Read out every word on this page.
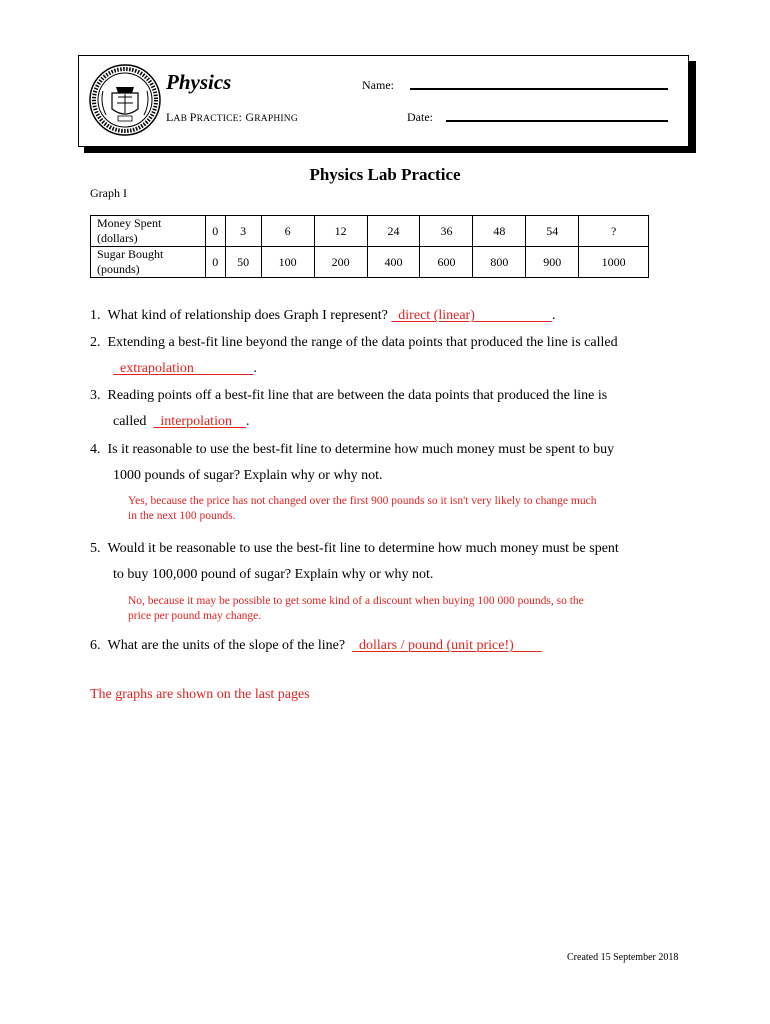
Physics
LAB PRACTICE: GRAPHING
Name:
Date:
Physics Lab Practice
Graph I
Money Spent
(dollars)	0	3	6	12	24	36	48	54	?

Sugar Bought
(pounds)	0	50	100	200	400	600	800	900	1000
1. What kind of relationship does Graph I represent? direct (linear)	.
2. Extending a best-fit line beyond the range of the data points that produced the line is called
extrapolation	.
3. Reading points off a best-fit line that are between the data points that produced the line is
called interpolation .
4. Is it reasonable to use the best-fit line to determine how much money must be spent to buy
1000 pounds of sugar? Explain why or why not.
Yes, because the price has not changed over the first 900 pounds so it isn't very likely to change much
in the next 100 pounds.
5. Would it be reasonable to use the best-fit line to determine how much money must be spent
to buy 100,000 pound of sugar? Explain why or why not.
No, because it may be possible to get some kind of a discount when buying 100 000 pounds, so the
price per pound may change.
6. What are the units of the slope of the line? dollars / pound (unit price!)
The graphs are shown on the last pages
Created 15 September 2018
